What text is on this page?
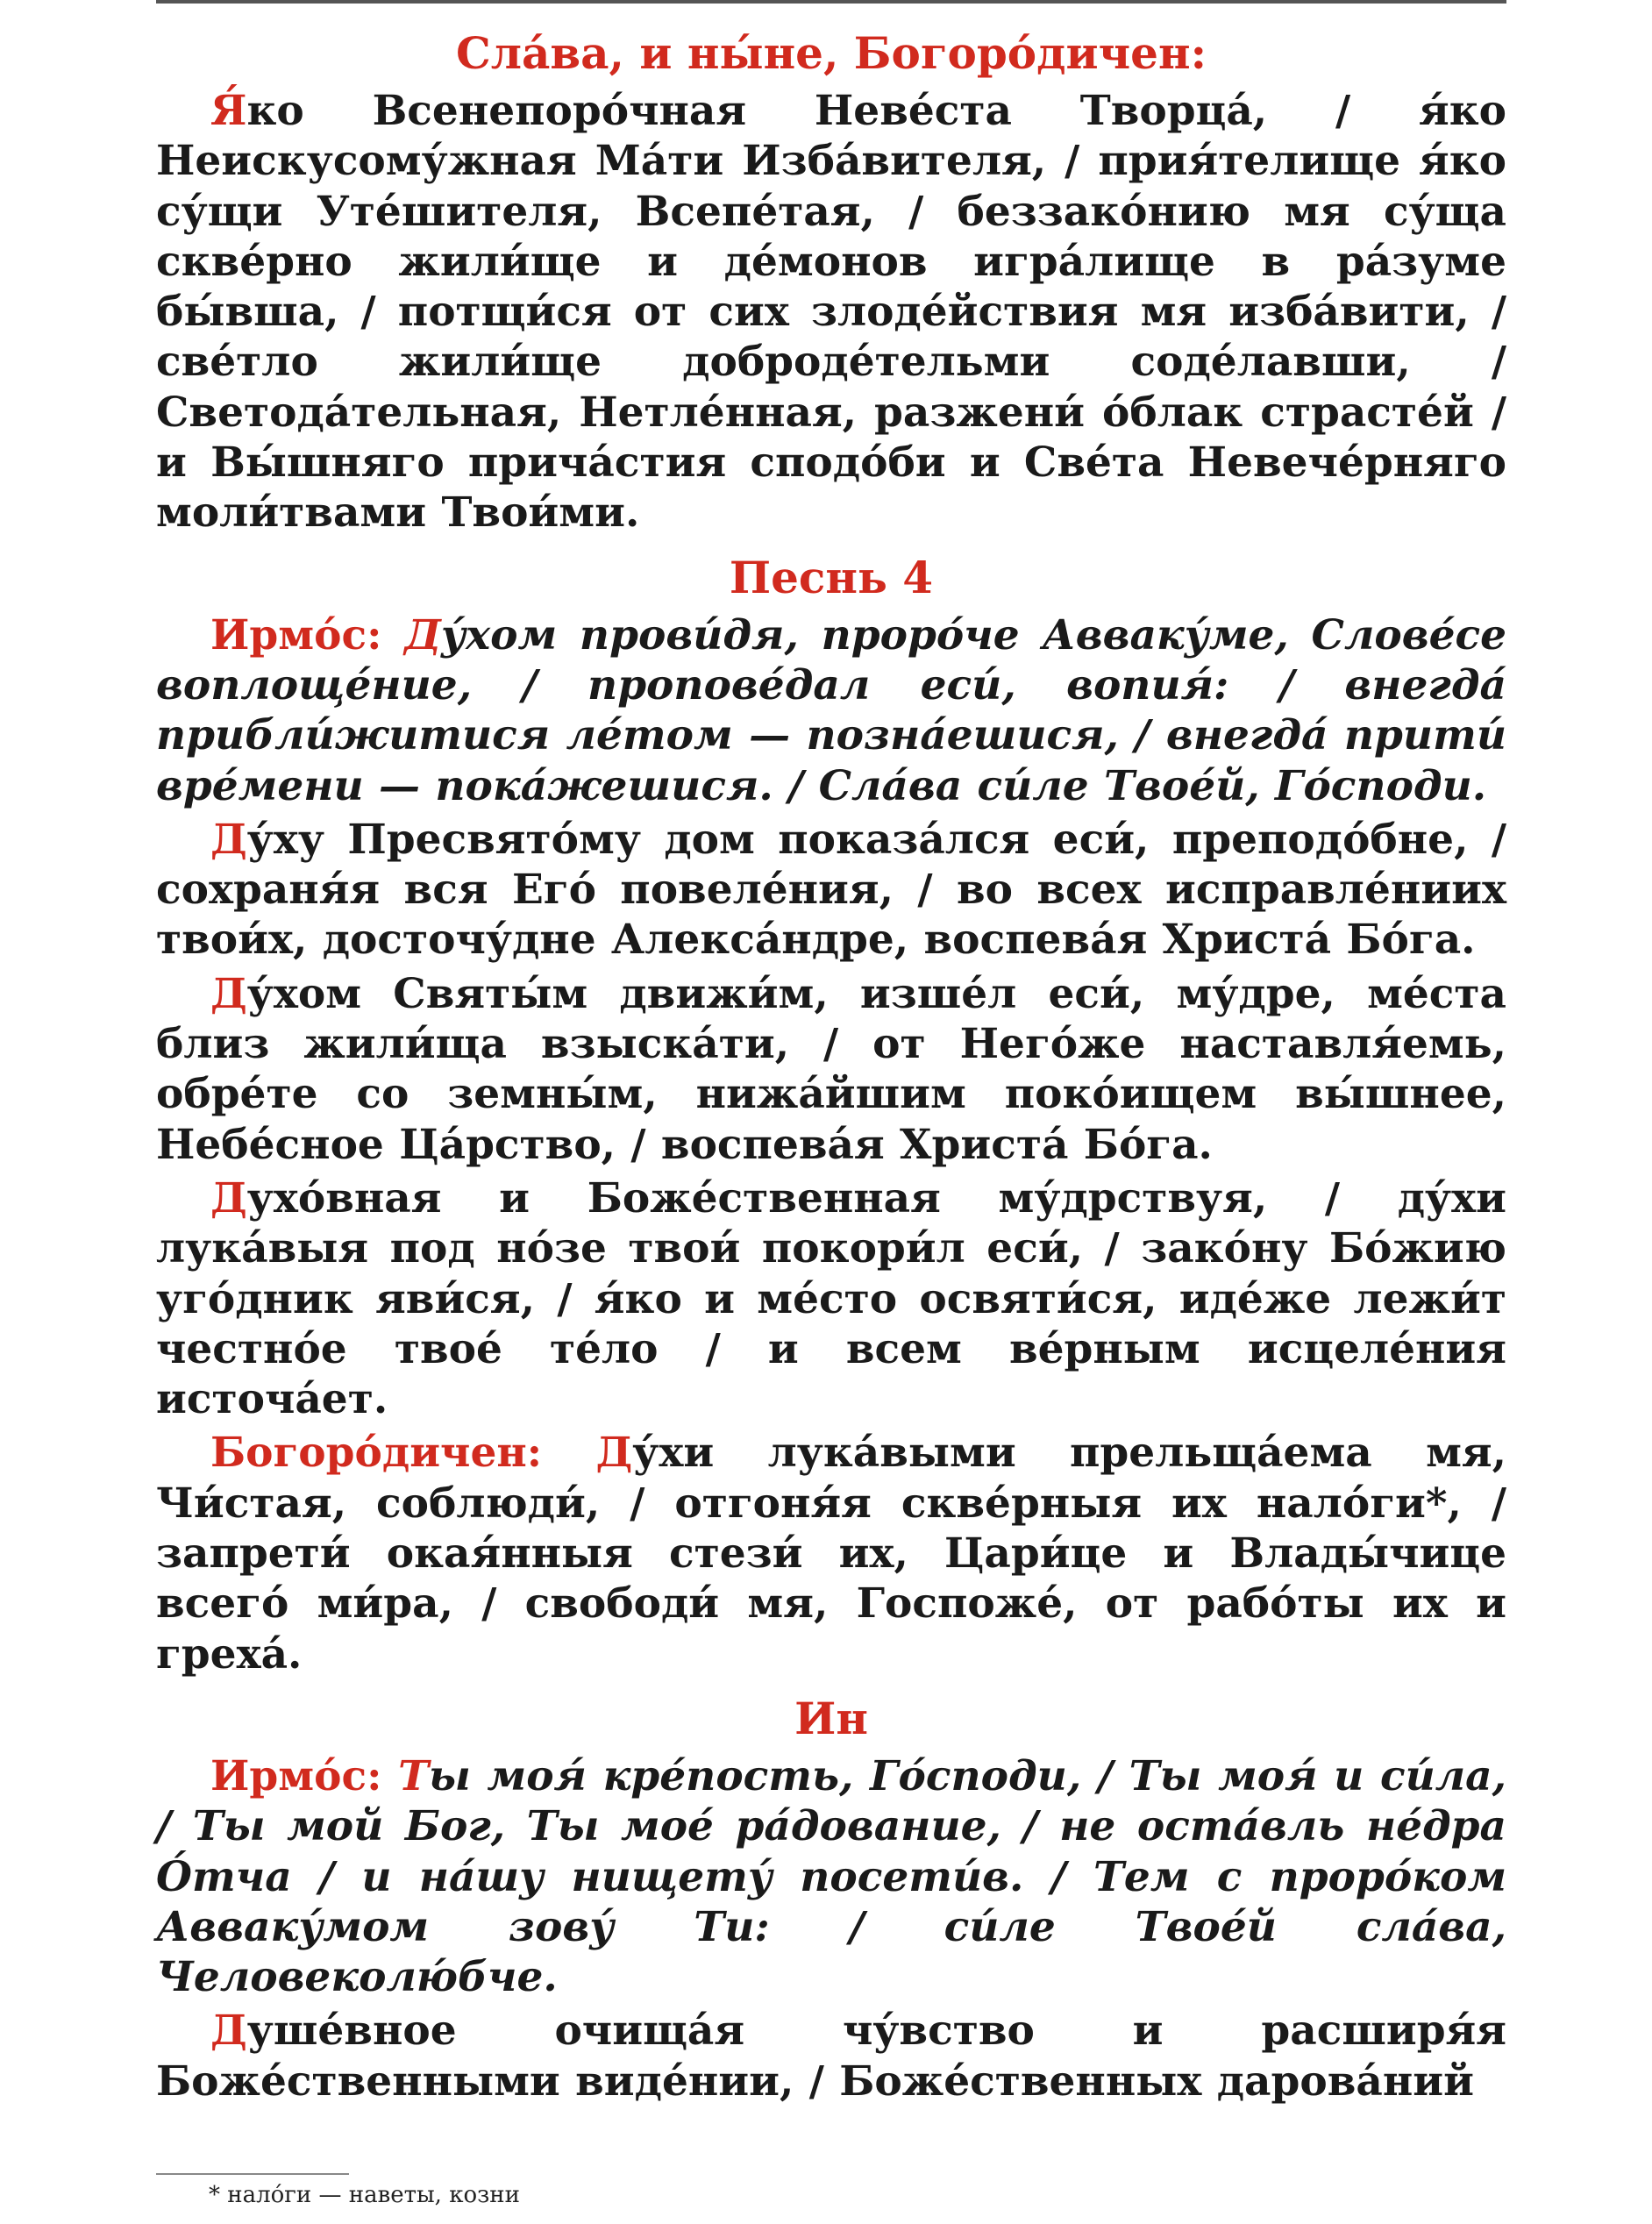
Сла́ва, и ны́не, Богоро́дичен:

Я́ко Всенепоро́чная Неве́ста Творца́, / я́ко Неискусому́жная Ма́ти Изба́вителя, / прия́телище я́ко су́щи Уте́шителя, Всепе́тая, / беззако́нию мя су́ща скве́рно жили́ще и де́монов игра́лище в ра́зуме бы́вша, / потщи́ся от сих злоде́йствия мя изба́вити, / све́тло жили́ще доброде́тельми соде́лавши, / Светода́тельная, Нетле́нная, разжени́ о́блак страсте́й / и Вы́шняго прича́стия сподо́би и Све́та Невече́рняго моли́твами Твои́ми.

Песнь 4

Ирмо́с: Ду́хом прови́дя, проро́че Авваку́ме, Слове́се воплоще́ние, / пропове́дал еси́, вопия́: / внегда́ прибли́житися ле́том — позна́ешися, / внегда́ прити́ вре́мени — пока́жешися. / Сла́ва си́ле Твое́й, Го́споди.

Ду́ху Пресвято́му дом показа́лся еси́, преподо́бне, / сохраня́я вся Его́ повеле́ния, / во всех исправле́ниих твои́х, досточу́дне Алекса́ндре, воспева́я Христа́ Бо́га.

Ду́хом Святы́м движи́м, изше́л еси́, му́дре, ме́ста близ жили́ща взыска́ти, / от Него́же наставля́емь, обре́те со земны́м, нижа́йшим поко́ищем вы́шнее, Небе́сное Ца́рство, / воспева́я Христа́ Бо́га.

Духо́вная и Боже́ственная му́дрствуя, / ду́хи лука́выя под но́зе твои́ покори́л еси́, / зако́ну Бо́жию уго́дник яви́ся, / я́ко и ме́сто освяти́ся, иде́же лежи́т честно́е твое́ те́ло / и всем ве́рным исцеле́ния источа́ет.

Богоро́дичен: Ду́хи лука́выми прельща́ема мя, Чи́стая, соблюди́, / отгоня́я скве́рныя их нало́ги*, / запрети́ окая́нныя стези́ их, Цари́це и Влады́чице всего́ ми́ра, / свободи́ мя, Госпоже́, от рабо́ты их и греха́.

Ин

Ирмо́с: Ты моя́ кре́пость, Го́споди, / Ты моя́ и си́ла, / Ты мой Бог, Ты мое́ ра́дование, / не оста́вль не́дра О́тча / и на́шу нищету́ посети́в. / Тем с проро́ком Авваку́мом зову́ Ти: / си́ле Твое́й сла́ва, Человеколю́бче.

Душе́вное очища́я чу́вство и расширя́я Боже́ственными виде́нии, / Боже́ственных дарова́ний

* нало́ги — наветы, козни
